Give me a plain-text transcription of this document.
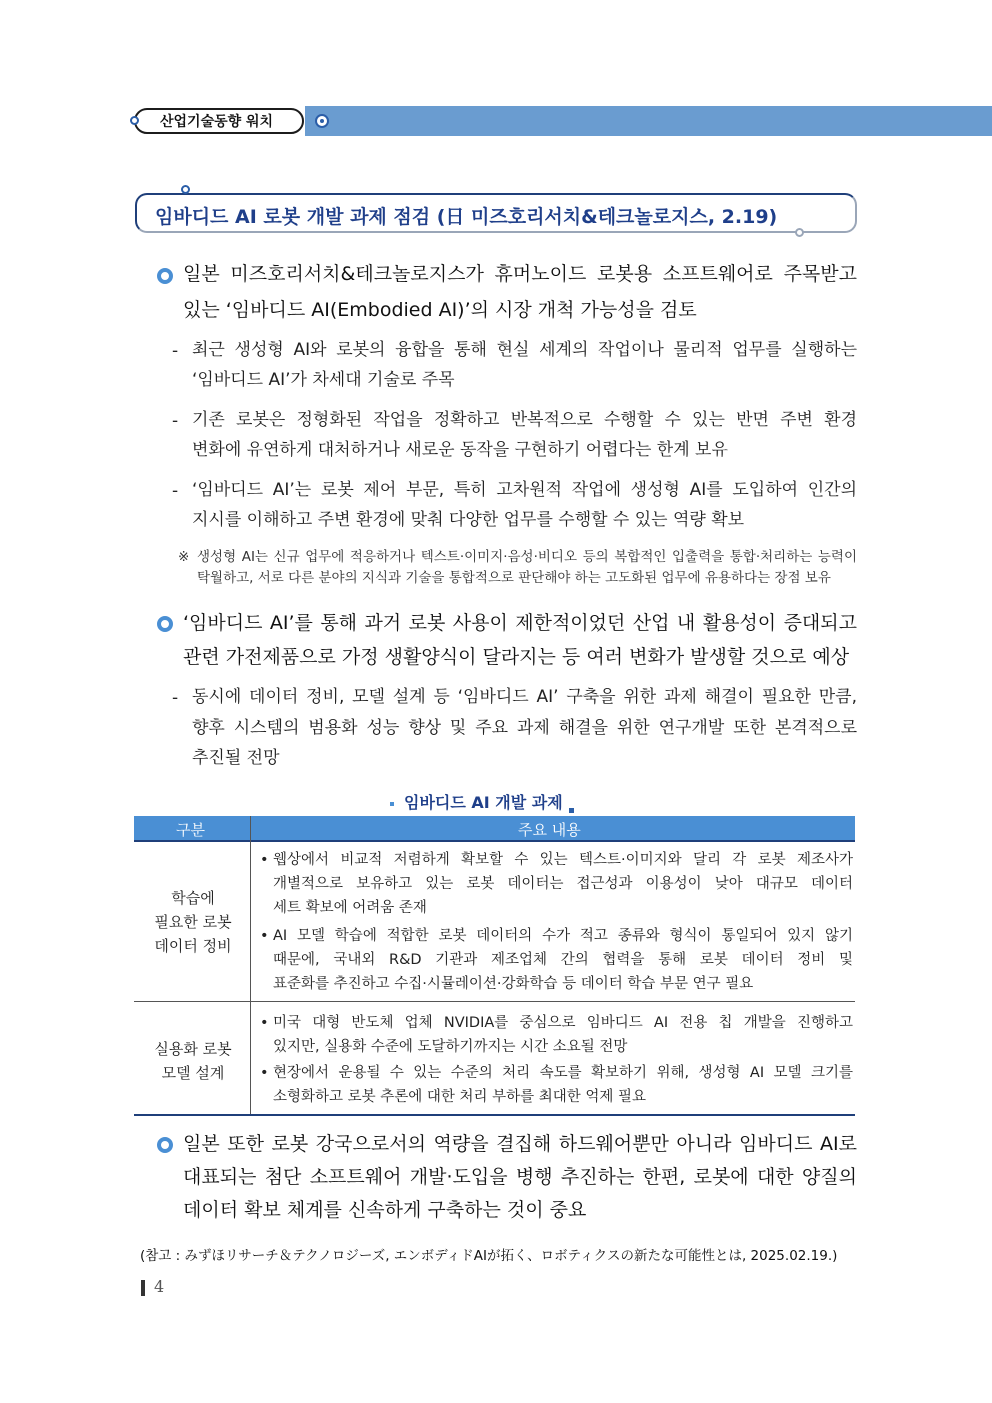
산업기술동향 워치
임바디드 AI 로봇 개발 과제 점검 (日 미즈호리서치&테크놀로지스, 2.19)
일본 미즈호리서치&테크놀로지스가 휴머노이드 로봇용 소프트웨어로 주목받고
있는 ‘임바디드 AI(Embodied AI)’의 시장 개척 가능성을 검토
- 최근 생성형 AI와 로봇의 융합을 통해 현실 세계의 작업이나 물리적 업무를 실행하는
‘임바디드 AI’가 차세대 기술로 주목
- 기존 로봇은 정형화된 작업을 정확하고 반복적으로 수행할 수 있는 반면 주변 환경
변화에 유연하게 대처하거나 새로운 동작을 구현하기 어렵다는 한계 보유
- ‘임바디드 AI’는 로봇 제어 부문, 특히 고차원적 작업에 생성형 AI를 도입하여 인간의
지시를 이해하고 주변 환경에 맞춰 다양한 업무를 수행할 수 있는 역량 확보
※ 생성형 AI는 신규 업무에 적응하거나 텍스트·이미지·음성·비디오 등의 복합적인 입출력을 통합·처리하는 능력이
탁월하고, 서로 다른 분야의 지식과 기술을 통합적으로 판단해야 하는 고도화된 업무에 유용하다는 장점 보유
‘임바디드 AI’를 통해 과거 로봇 사용이 제한적이었던 산업 내 활용성이 증대되고
관련 가전제품으로 가정 생활양식이 달라지는 등 여러 변화가 발생할 것으로 예상
- 동시에 데이터 정비, 모델 설계 등 ‘임바디드 AI’ 구축을 위한 과제 해결이 필요한 만큼,
향후 시스템의 범용화 성능 향상 및 주요 과제 해결을 위한 연구개발 또한 본격적으로
추진될 전망
임바디드 AI 개발 과제
구분	주요 내용
학습에
필요한 로봇
데이터 정비
• 웹상에서 비교적 저렴하게 확보할 수 있는 텍스트·이미지와 달리 각 로봇 제조사가
개별적으로 보유하고 있는 로봇 데이터는 접근성과 이용성이 낮아 대규모 데이터
세트 확보에 어려움 존재
• AI 모델 학습에 적합한 로봇 데이터의 수가 적고 종류와 형식이 통일되어 있지 않기
때문에, 국내외 R&D 기관과 제조업체 간의 협력을 통해 로봇 데이터 정비 및
표준화를 추진하고 수집·시뮬레이션·강화학습 등 데이터 학습 부문 연구 필요
실용화 로봇
모델 설계
• 미국 대형 반도체 업체 NVIDIA를 중심으로 임바디드 AI 전용 칩 개발을 진행하고
있지만, 실용화 수준에 도달하기까지는 시간 소요될 전망
• 현장에서 운용될 수 있는 수준의 처리 속도를 확보하기 위해, 생성형 AI 모델 크기를
소형화하고 로봇 추론에 대한 처리 부하를 최대한 억제 필요
일본 또한 로봇 강국으로서의 역량을 결집해 하드웨어뿐만 아니라 임바디드 AI로
대표되는 첨단 소프트웨어 개발·도입을 병행 추진하는 한편, 로봇에 대한 양질의
데이터 확보 체계를 신속하게 구축하는 것이 중요
(참고 : みずほリサーチ＆テクノロジーズ, エンボディドAIが拓く、ロボティクスの新たな可能性とは, 2025.02.19.)
4
